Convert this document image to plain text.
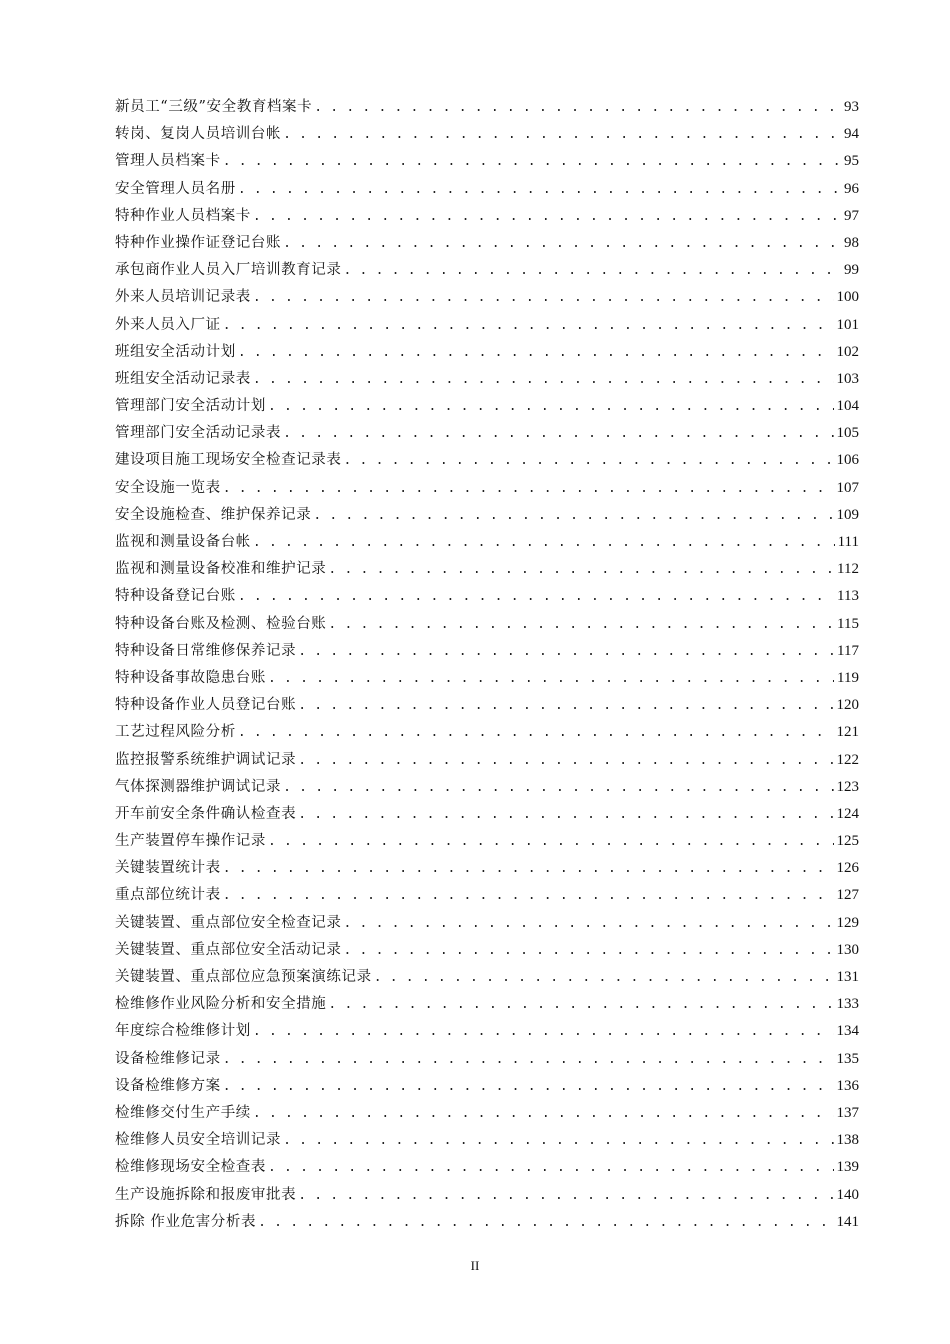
新员工“三级”安全教育档案卡 . . .	93
转岗、复岗人员培训台帐 . . .	94
管理人员档案卡 . . .	95
安全管理人员名册 . . .	96
特种作业人员档案卡 . . .	97
特种作业操作证登记台账 . . .	98
承包商作业人员入厂培训教育记录 . . .	99
外来人员培训记录表 . . .	100
外来人员入厂证 . . .	101
班组安全活动计划 . . .	102
班组安全活动记录表 . . .	103
管理部门安全活动计划 . . .	104
管理部门安全活动记录表 . . .	105
建设项目施工现场安全检查记录表 . . .	106
安全设施一览表 . . .	107
安全设施检查、维护保养记录 . . .	109
监视和测量设备台帐 . . .	111
监视和测量设备校准和维护记录 . . .	112
特种设备登记台账 . . .	113
特种设备台账及检测、检验台账 . . .	115
特种设备日常维修保养记录 . . .	117
特种设备事故隐患台账 . . .	119
特种设备作业人员登记台账 . . .	120
工艺过程风险分析 . . .	121
监控报警系统维护调试记录 . . .	122
气体探测器维护调试记录 . . .	123
开车前安全条件确认检查表 . . .	124
生产装置停车操作记录 . . .	125
关键装置统计表 . . .	126
重点部位统计表 . . .	127
关键装置、重点部位安全检查记录 . . .	129
关键装置、重点部位安全活动记录 . . .	130
关键装置、重点部位应急预案演练记录 . . .	131
检维修作业风险分析和安全措施 . . .	133
年度综合检维修计划 . . .	134
设备检维修记录 . . .	135
设备检维修方案 . . .	136
检维修交付生产手续 . . .	137
检维修人员安全培训记录 . . .	138
检维修现场安全检查表 . . .	139
生产设施拆除和报废审批表 . . .	140
拆除 作业危害分析表 . . .	141
II
